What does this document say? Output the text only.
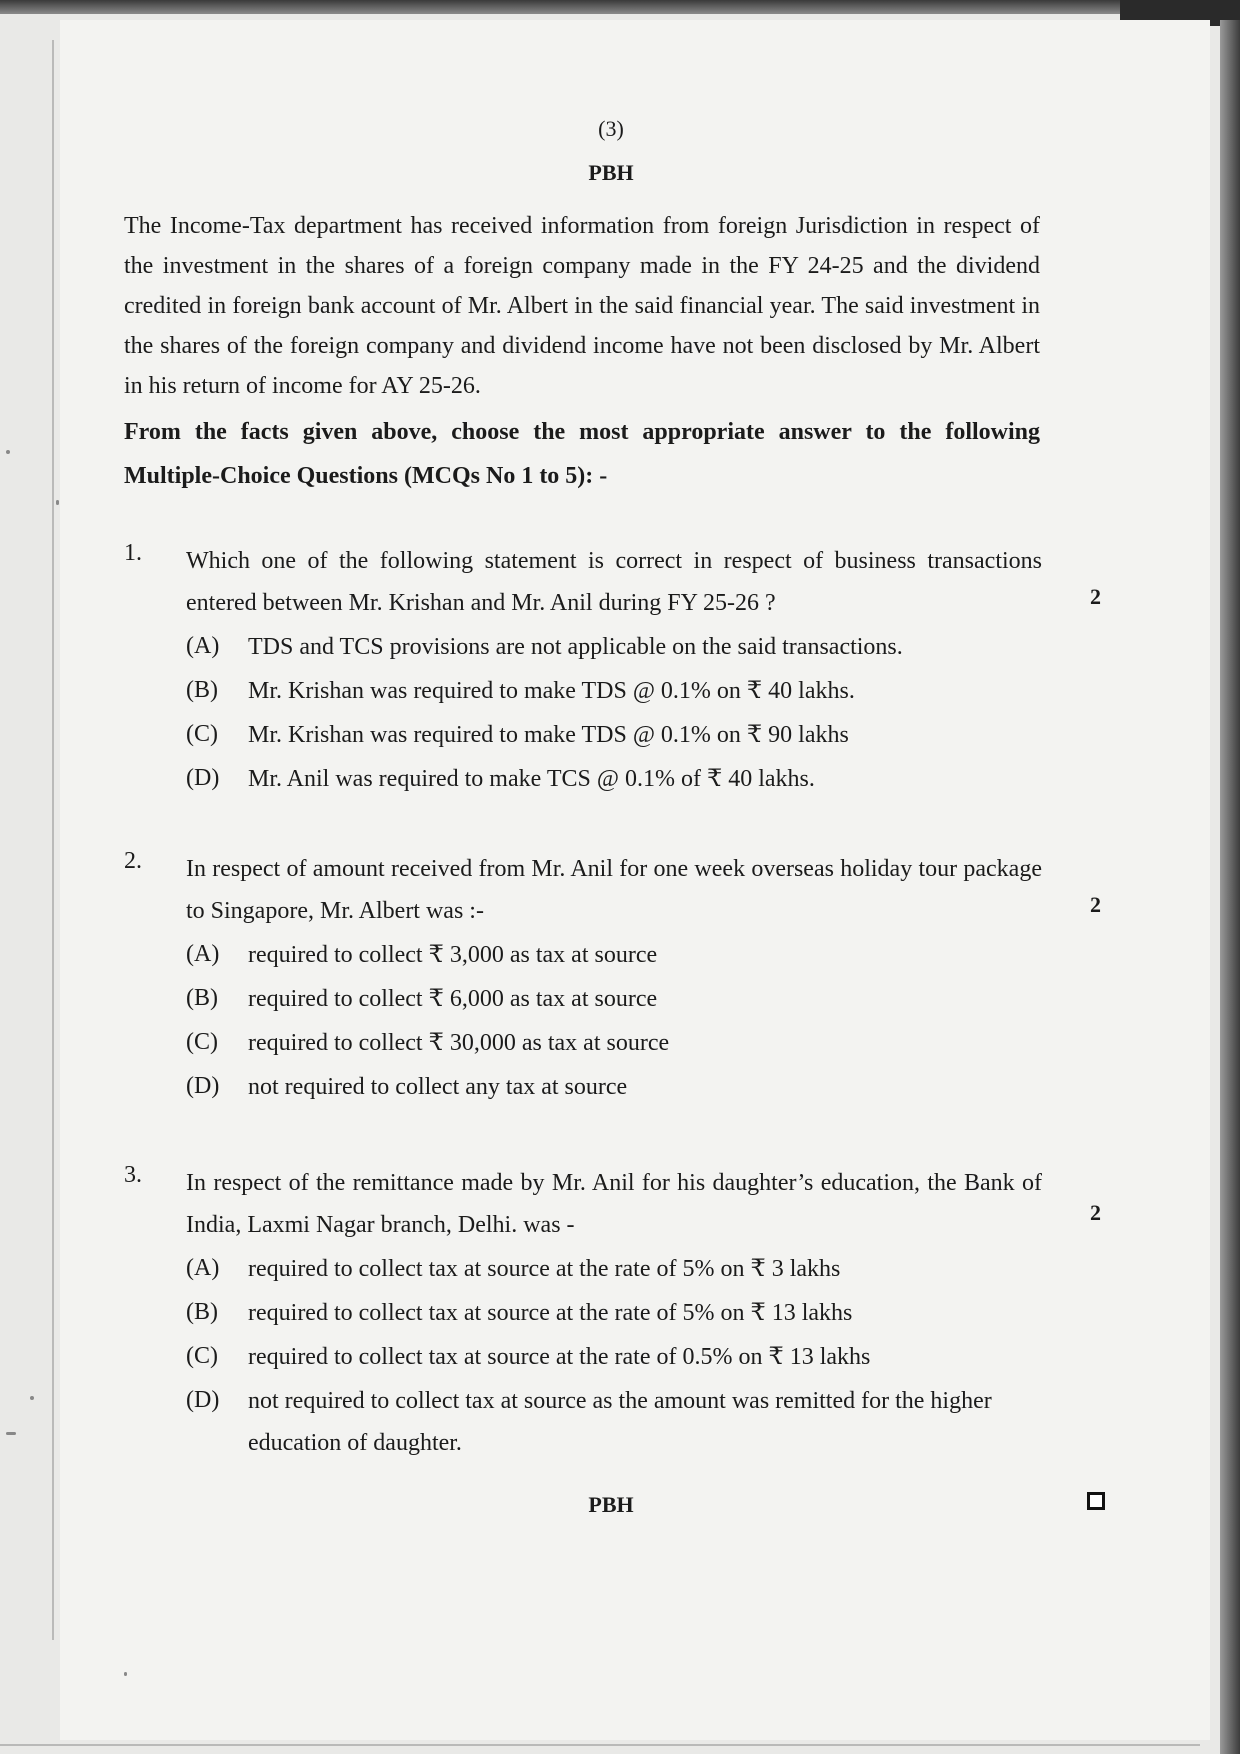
(3)
PBH
The Income-Tax department has received information from foreign Jurisdiction in respect of the investment in the shares of a foreign company made in the FY 24-25 and the dividend credited in foreign bank account of Mr. Albert in the said financial year. The said investment in the shares of the foreign company and dividend income have not been disclosed by Mr. Albert in his return of income for AY 25-26.
From the facts given above, choose the most appropriate answer to the following Multiple-Choice Questions (MCQs No 1 to 5): -
1. Which one of the following statement is correct in respect of business transactions entered between Mr. Krishan and Mr. Anil during FY 25-26 ?	2
(A) TDS and TCS provisions are not applicable on the said transactions.
(B) Mr. Krishan was required to make TDS @ 0.1% on ₹ 40 lakhs.
(C) Mr. Krishan was required to make TDS @ 0.1% on ₹ 90 lakhs
(D) Mr. Anil was required to make TCS @ 0.1% of ₹ 40 lakhs.
2. In respect of amount received from Mr. Anil for one week overseas holiday tour package to Singapore, Mr. Albert was :-	2
(A) required to collect ₹ 3,000 as tax at source
(B) required to collect ₹ 6,000 as tax at source
(C) required to collect ₹ 30,000 as tax at source
(D) not required to collect any tax at source
3. In respect of the remittance made by Mr. Anil for his daughter’s education, the Bank of India, Laxmi Nagar branch, Delhi. was -	2
(A) required to collect tax at source at the rate of 5% on ₹ 3 lakhs
(B) required to collect tax at source at the rate of 5% on ₹ 13 lakhs
(C) required to collect tax at source at the rate of 0.5% on ₹ 13 lakhs
(D) not required to collect tax at source as the amount was remitted for the higher education of daughter.
PBH
